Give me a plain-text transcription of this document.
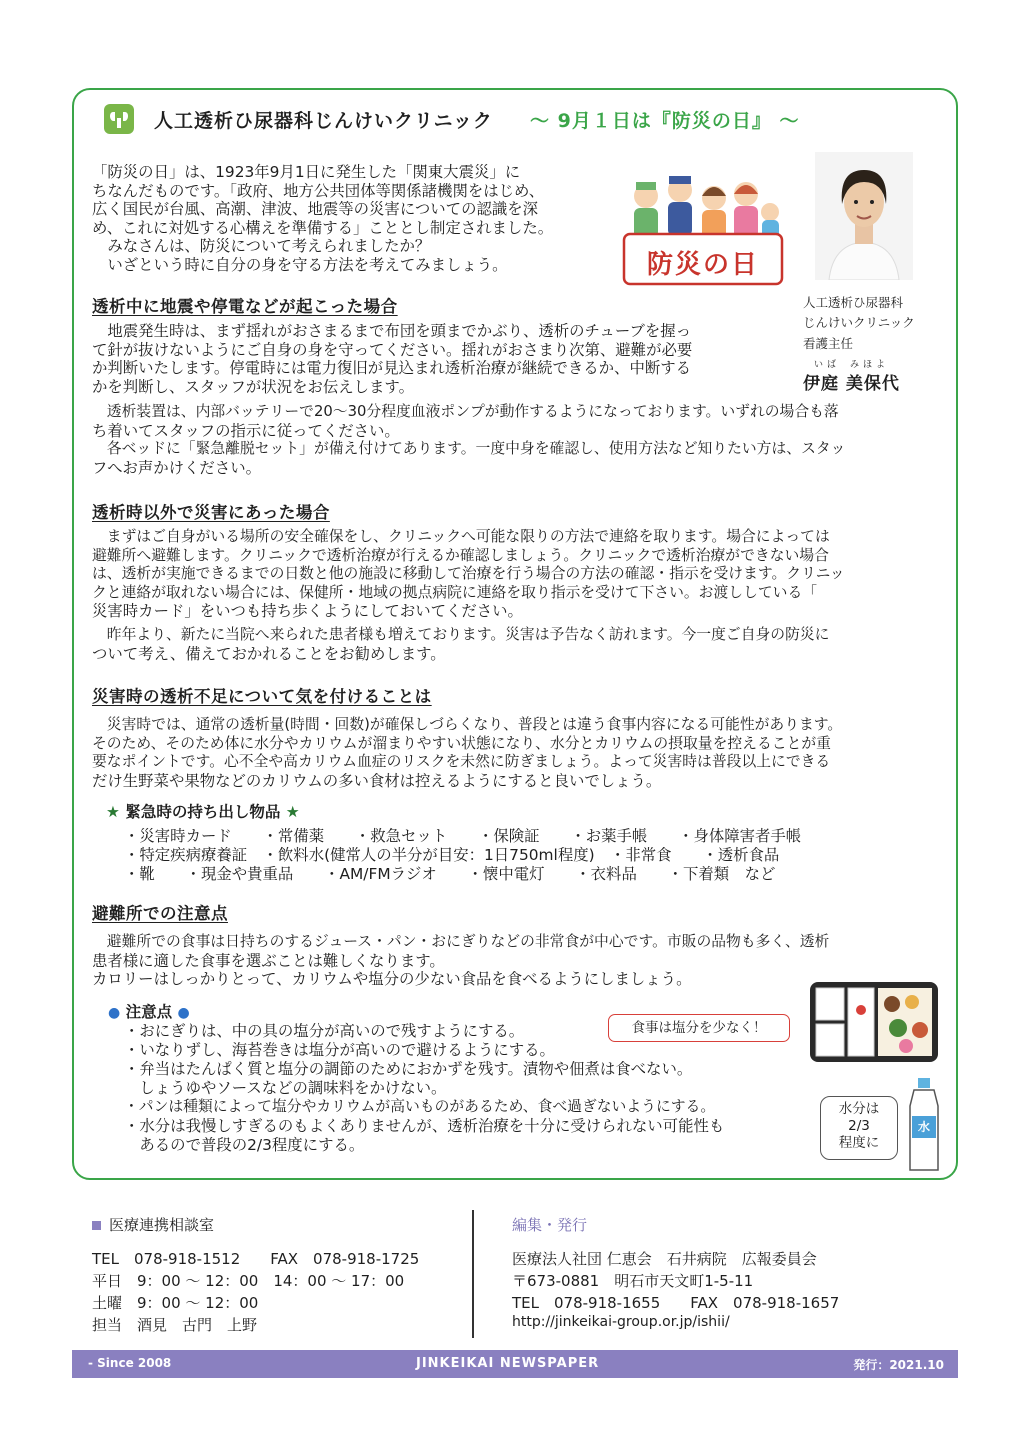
人工透析ひ尿器科じんけいクリニック ～ 9月１日は『防災の日』 ～
「防災の日」は、1923年9月1日に発生した「関東大震災」に
ちなんだものです。「政府、地方公共団体等関係諸機関をはじめ、
広く国民が台風、高潮、津波、地震等の災害についての認識を深
め、これに対処する心構えを準備する」こととし制定されました。
　みなさんは、防災について考えられましたか？
　いざという時に自分の身を守る方法を考えてみましょう。	防災の日
人工透析ひ尿器科
じんけいクリニック
看護主任
いば みほよ
伊庭 美保代
透析中に地震や停電などが起こった場合
　地震発生時は、まず揺れがおさまるまで布団を頭までかぶり、透析のチューブを握っ
て針が抜けないようにご自身の身を守ってください。揺れがおさまり次第、避難が必要
か判断いたします。停電時には電力復旧が見込まれ透析治療が継続できるか、中断する
かを判断し、スタッフが状況をお伝えします。
　透析装置は、内部バッテリーで20～30分程度血液ポンプが動作するようになっております。いずれの場合も落
ち着いてスタッフの指示に従ってください。
　各ベッドに「緊急離脱セット」が備え付けてあります。一度中身を確認し、使用方法など知りたい方は、スタッ
フへお声かけください。
透析時以外で災害にあった場合
　まずはご自身がいる場所の安全確保をし、クリニックへ可能な限りの方法で連絡を取ります。場合によっては
避難所へ避難します。クリニックで透析治療が行えるか確認しましょう。クリニックで透析治療ができない場合
は、透析が実施できるまでの日数と他の施設に移動して治療を行う場合の方法の確認・指示を受けます。クリニッ
クと連絡が取れない場合には、保健所・地域の拠点病院に連絡を取り指示を受けて下さい。お渡ししている「
災害時カード」をいつも持ち歩くようにしておいてください。
　昨年より、新たに当院へ来られた患者様も増えております。災害は予告なく訪れます。今一度ご自身の防災に
ついて考え、備えておかれることをお勧めします。
災害時の透析不足について気を付けることは
　災害時では、通常の透析量(時間・回数)が確保しづらくなり、普段とは違う食事内容になる可能性があります。
そのため、そのため体に水分やカリウムが溜まりやすい状態になり、水分とカリウムの摂取量を控えることが重
要なポイントです。心不全や高カリウム血症のリスクを未然に防ぎましょう。よって災害時は普段以上にできる
だけ生野菜や果物などのカリウムの多い食材は控えるようにすると良いでしょう。
★ 緊急時の持ち出し物品 ★
・災害時カード　　・常備薬　　・救急セット　　・保険証　　・お薬手帳　　・身体障害者手帳
・特定疾病療養証　・飲料水(健常人の半分が目安：1日750ml程度)　・非常食　　・透析食品
・靴　　・現金や貴重品　　・AM/FMラジオ　　・懐中電灯　　・衣料品　　・下着類　など
避難所での注意点
　避難所での食事は日持ちのするジュース・パン・おにぎりなどの非常食が中心です。市販の品物も多く、透析
患者様に適した食事を選ぶことは難しくなります。
カロリーはしっかりとって、カリウムや塩分の少ない食品を食べるようにしましょう。
● 注意点 ●
・おにぎりは、中の具の塩分が高いので残すようにする。
・いなりずし、海苔巻きは塩分が高いので避けるようにする。
・弁当はたんぱく質と塩分の調節のためにおかずを残す。漬物や佃煮は食べない。
　しょうゆやソースなどの調味料をかけない。
・パンは種類によって塩分やカリウムが高いものがあるため、食べ過ぎないようにする。
・水分は我慢しすぎるのもよくありませんが、透析治療を十分に受けられない可能性も
　あるので普段の2/3程度にする。
食事は塩分を少なく！
水分は
2/3
程度に
水
医療連携相談室
TEL　078-918-1512　　FAX　078-918-1725
平日　9：00 ～ 12：00　14：00 ～ 17：00
土曜　9：00 ～ 12：00
担当　酒見　古門　上野
編集・発行
医療法人社団 仁恵会　石井病院　広報委員会
〒673-0881　明石市天文町1-5-11
TEL　078-918-1655　　FAX　078-918-1657
http://jinkeikai-group.or.jp/ishii/
- Since 2008	JINKEIKAI NEWSPAPER	発行：2021.10
